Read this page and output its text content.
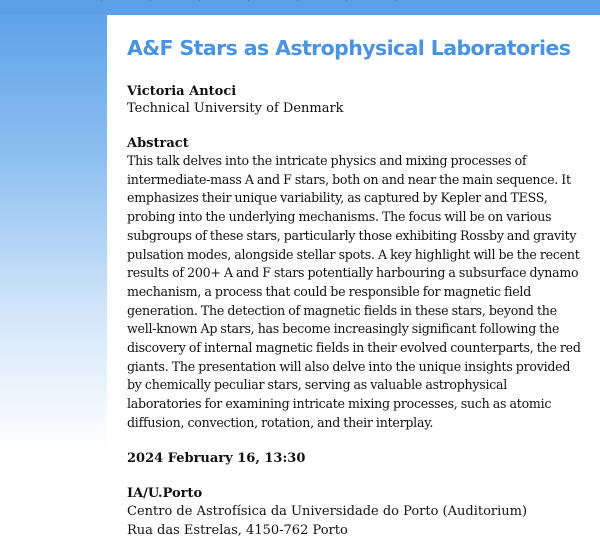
· · · · · · ·
A&F Stars as Astrophysical Laboratories
Victoria Antoci
Technical University of Denmark
Abstract

This talk delves into the intricate physics and mixing processes of intermediate-mass A and F stars, both on and near the main sequence. It emphasizes their unique variability, as captured by Kepler and TESS, probing into the underlying mechanisms. The focus will be on various subgroups of these stars, particularly those exhibiting Rossby and gravity pulsation modes, alongside stellar spots. A key highlight will be the recent results of 200+ A and F stars potentially harbouring a subsurface dynamo mechanism, a process that could be responsible for magnetic field generation. The detection of magnetic fields in these stars, beyond the well-known Ap stars, has become increasingly significant following the discovery of internal magnetic fields in their evolved counterparts, the red giants. The presentation will also delve into the unique insights provided by chemically peculiar stars, serving as valuable astrophysical laboratories for examining intricate mixing processes, such as atomic diffusion, convection, rotation, and their interplay.

2024 February 16, 13:30
IA/U.Porto
Centro de Astrofísica da Universidade do Porto (Auditorium)
Rua das Estrelas, 4150-762 Porto
